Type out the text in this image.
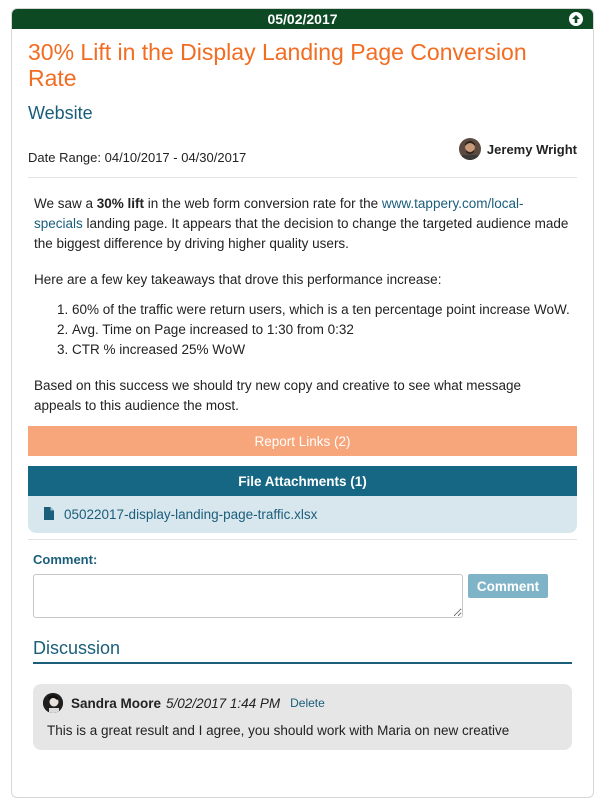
05/02/2017
30% Lift in the Display Landing Page Conversion Rate
Website
Date Range: 04/10/2017 - 04/30/2017
Jeremy Wright

We saw a 30% lift in the web form conversion rate for the www.tappery.com/local-specials landing page. It appears that the decision to change the targeted audience made the biggest difference by driving higher quality users.

Here are a few key takeaways that drove this performance increase:

1. 60% of the traffic were return users, which is a ten percentage point increase WoW.
2. Avg. Time on Page increased to 1:30 from 0:32
3. CTR % increased 25% WoW

Based on this success we should try new copy and creative to see what message appeals to this audience the most.

Report Links (2)
File Attachments (1)
05022017-display-landing-page-traffic.xlsx
Comment:
Comment
Discussion
Sandra Moore 5/02/2017 1:44 PM Delete
This is a great result and I agree, you should work with Maria on new creative
